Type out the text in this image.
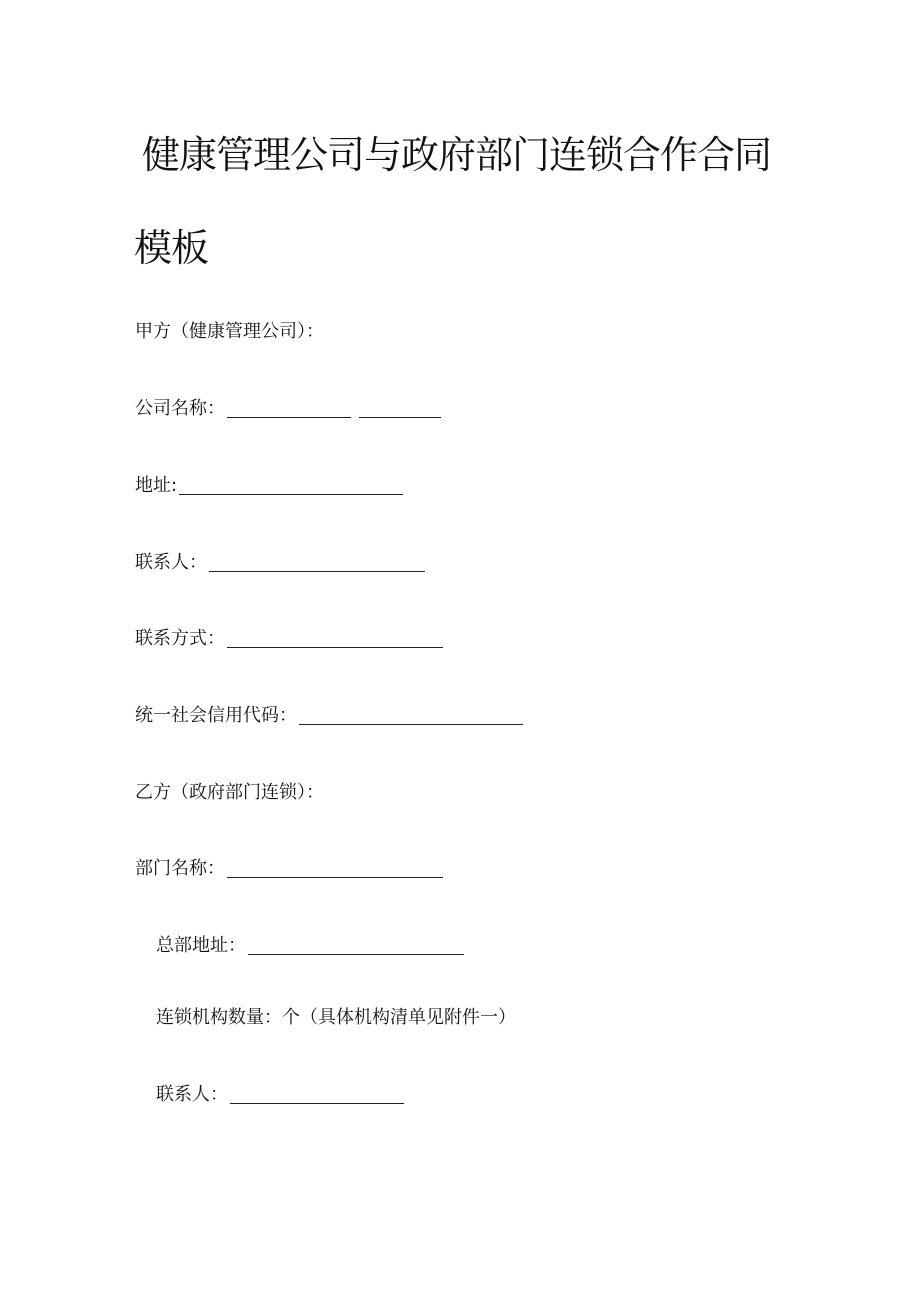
健康管理公司与政府部门连锁合作合同
模板
甲方（健康管理公司）：
公司名称：
地址:
联系人：
联系方式：
统一社会信用代码：
乙方（政府部门连锁）：
部门名称：
总部地址：
连锁机构数量：个（具体机构清单见附件一）
联系人：
